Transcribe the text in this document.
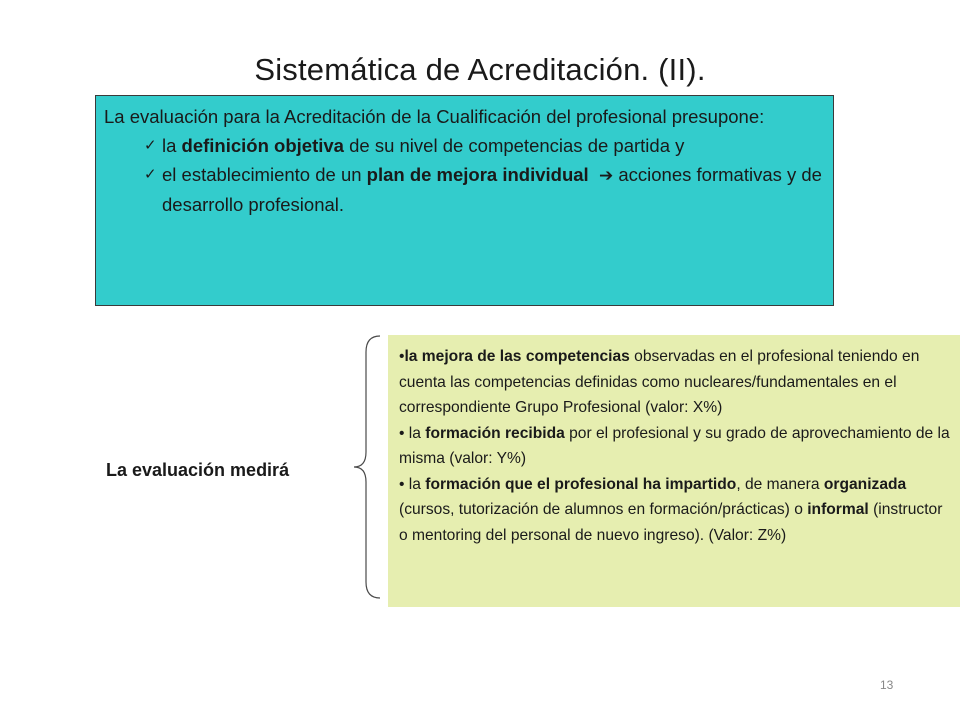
Sistemática de Acreditación. (II).
La evaluación para la Acreditación de la Cualificación del profesional presupone:
✓ la definición objetiva de su nivel de competencias de partida y
✓ el establecimiento de un plan de mejora individual ➔ acciones formativas y de desarrollo profesional.
La evaluación medirá

•la mejora de las competencias observadas en el profesional teniendo en cuenta las competencias definidas como nucleares/fundamentales en el correspondiente Grupo Profesional (valor: X%)

• la formación recibida por el profesional y su grado de aprovechamiento de la misma (valor: Y%)

• la formación que el profesional ha impartido, de manera organizada (cursos, tutorización de alumnos en formación/prácticas) o informal (instructor o mentoring del personal de nuevo ingreso). (Valor: Z%)

13
